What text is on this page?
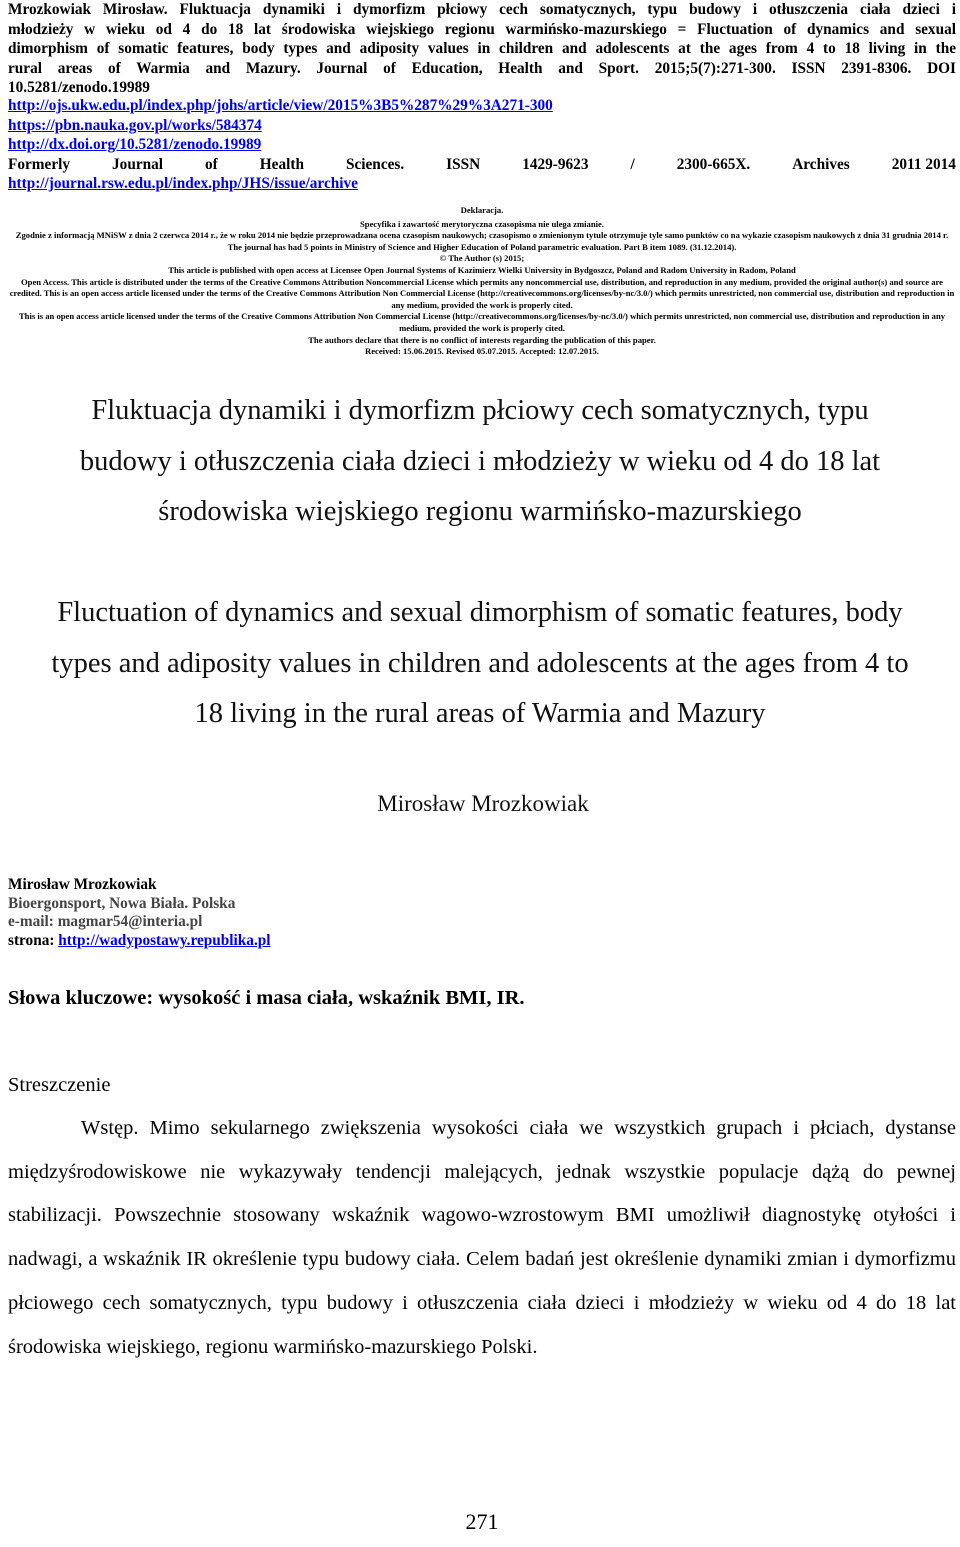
Mrozkowiak Mirosław. Fluktuacja dynamiki i dymorfizm płciowy cech somatycznych, typu budowy i otłuszczenia ciała dzieci i
młodzieży w wieku od 4 do 18 lat środowiska wiejskiego regionu warmińsko-mazurskiego = Fluctuation of dynamics and sexual
dimorphism of somatic features, body types and adiposity values in children and adolescents at the ages from 4 to 18 living in the
rural areas of Warmia and Mazury. Journal of Education, Health and Sport. 2015;5(7):271-300. ISSN 2391-8306. DOI
10.5281/zenodo.19989
http://ojs.ukw.edu.pl/index.php/johs/article/view/2015%3B5%287%29%3A271-300
https://pbn.nauka.gov.pl/works/584374
http://dx.doi.org/10.5281/zenodo.19989
Formerly	Journal	of	Health	Sciences.	ISSN	1429-9623	/	2300-665X.	Archives	2011 2014
http://journal.rsw.edu.pl/index.php/JHS/issue/archive
Deklaracja.
Specyfika i zawartość merytoryczna czasopisma nie ulega zmianie.
Zgodnie z informacją MNiSW z dnia 2 czerwca 2014 r., że w roku 2014 nie będzie przeprowadzana ocena czasopism naukowych; czasopismo o zmienionym tytule otrzymuje tyle samo punktów co na wykazie czasopism naukowych z dnia 31 grudnia 2014 r.
The journal has had 5 points in Ministry of Science and Higher Education of Poland parametric evaluation. Part B item 1089. (31.12.2014).
© The Author (s) 2015;
This article is published with open access at Licensee Open Journal Systems of Kazimierz Wielki University in Bydgoszcz, Poland and Radom University in Radom, Poland
Open Access. This article is distributed under the terms of the Creative Commons Attribution Noncommercial License which permits any noncommercial use, distribution, and reproduction in any medium, provided the original author(s) and source are credited. This is an open access article licensed under the terms of the Creative Commons Attribution Non Commercial License (http://creativecommons.org/licenses/by-nc/3.0/) which permits unrestricted, non commercial use, distribution and reproduction in any medium, provided the work is properly cited.
This is an open access article licensed under the terms of the Creative Commons Attribution Non Commercial License (http://creativecommons.org/licenses/by-nc/3.0/) which permits unrestricted, non commercial use, distribution and reproduction in any medium, provided the work is properly cited.
The authors declare that there is no conflict of interests regarding the publication of this paper.
Received: 15.06.2015. Revised 05.07.2015. Accepted: 12.07.2015.
Fluktuacja dynamiki i dymorfizm płciowy cech somatycznych, typu
budowy i otłuszczenia ciała dzieci i młodzieży w wieku od 4 do 18 lat
środowiska wiejskiego regionu warmińsko-mazurskiego
Fluctuation of dynamics and sexual dimorphism of somatic features, body
types and adiposity values in children and adolescents at the ages from 4 to
18 living in the rural areas of Warmia and Mazury
Mirosław Mrozkowiak
Mirosław Mrozkowiak
Bioergonsport, Nowa Biała. Polska
e-mail: magmar54@interia.pl
strona: http://wadypostawy.republika.pl
Słowa kluczowe: wysokość i masa ciała, wskaźnik BMI, IR.
Streszczenie
Wstęp. Mimo sekularnego zwiększenia wysokości ciała we wszystkich grupach i płciach, dystanse międzyśrodowiskowe nie wykazywały tendencji malejących, jednak wszystkie populacje dążą do pewnej stabilizacji. Powszechnie stosowany wskaźnik wagowo-wzrostowym BMI umożliwił diagnostykę otyłości i nadwagi, a wskaźnik IR określenie typu budowy ciała. Celem badań jest określenie dynamiki zmian i dymorfizmu płciowego cech somatycznych, typu budowy i otłuszczenia ciała dzieci i młodzieży w wieku od 4 do 18 lat środowiska wiejskiego, regionu warmińsko-mazurskiego Polski.
271
